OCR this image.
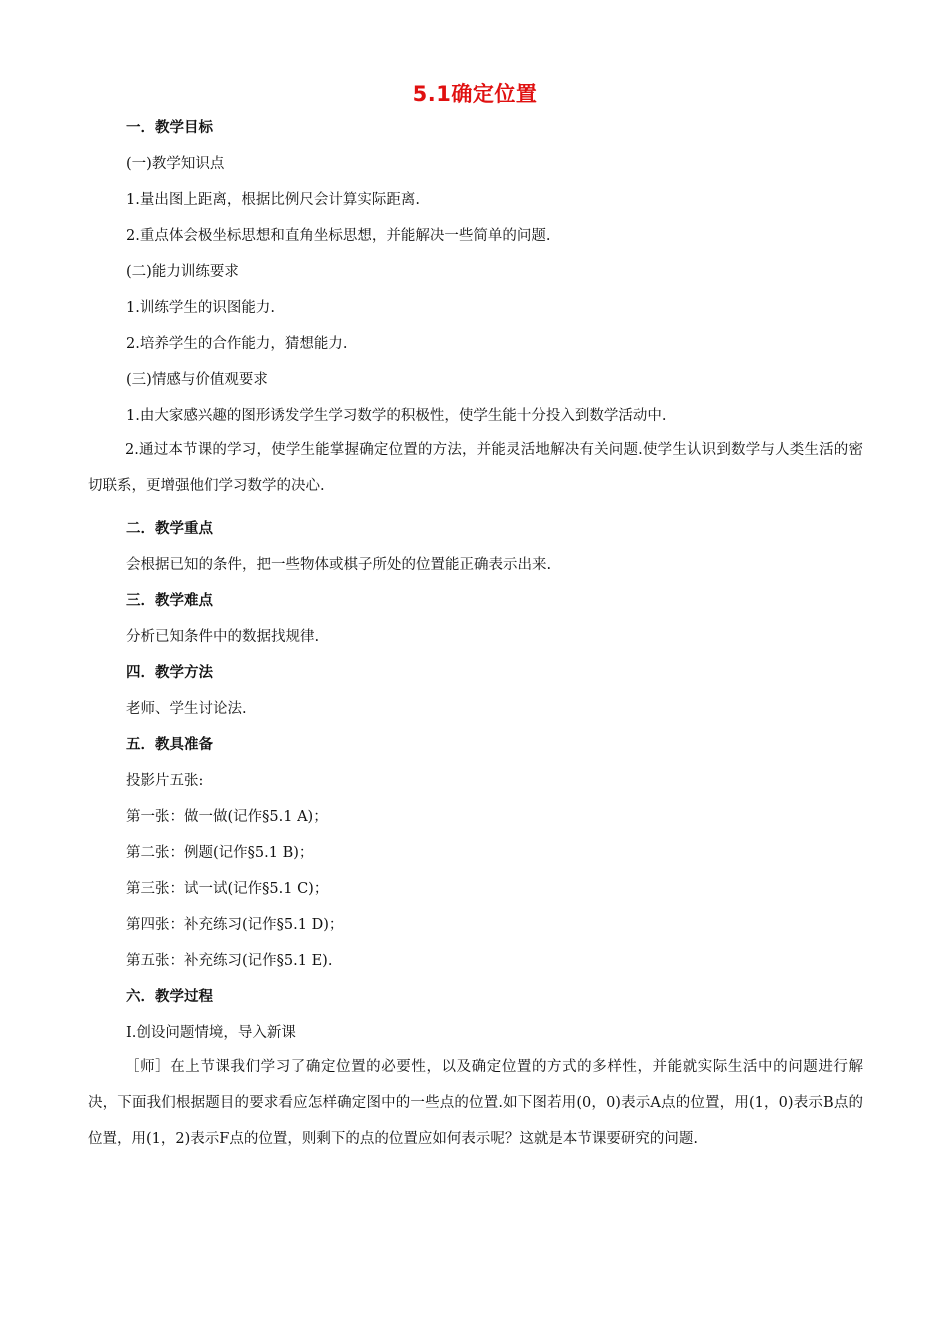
5.1确定位置
一．教学目标
(一)教学知识点
1.量出图上距离，根据比例尺会计算实际距离.
2.重点体会极坐标思想和直角坐标思想，并能解决一些简单的问题.
(二)能力训练要求
1.训练学生的识图能力.
2.培养学生的合作能力，猜想能力.
(三)情感与价值观要求
1.由大家感兴趣的图形诱发学生学习数学的积极性，使学生能十分投入到数学活动中.
2.通过本节课的学习，使学生能掌握确定位置的方法，并能灵活地解决有关问题.使学生认识到数学与人类生活的密切联系，更增强他们学习数学的决心.
二．教学重点
会根据已知的条件，把一些物体或棋子所处的位置能正确表示出来.
三．教学难点
分析已知条件中的数据找规律.
四．教学方法
老师、学生讨论法.
五．教具准备
投影片五张:
第一张：做一做(记作§5.1 A)；
第二张：例题(记作§5.1 B)；
第三张：试一试(记作§5.1 C)；
第四张：补充练习(记作§5.1 D)；
第五张：补充练习(记作§5.1 E).
六．教学过程
Ⅰ.创设问题情境，导入新课
［师］在上节课我们学习了确定位置的必要性，以及确定位置的方式的多样性，并能就实际生活中的问题进行解决，下面我们根据题目的要求看应怎样确定图中的一些点的位置.如下图若用(0，0)表示A点的位置，用(1，0)表示B点的位置，用(1，2)表示F点的位置，则剩下的点的位置应如何表示呢？这就是本节课要研究的问题.
